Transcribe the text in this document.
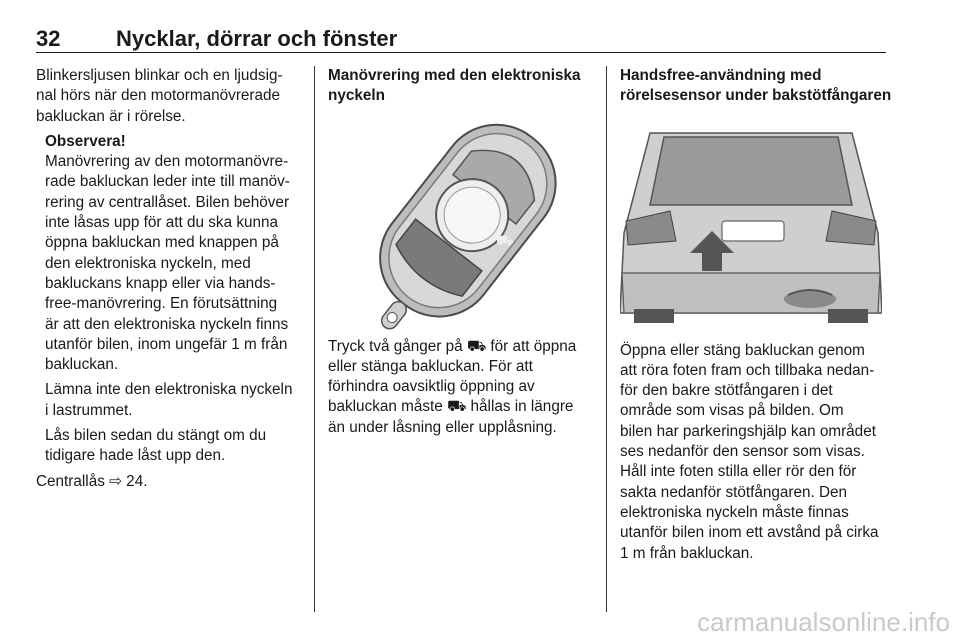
32	Nycklar, dörrar och fönster

Blinkersljusen blinkar och en ljudsig-
nal hörs när den motormanövrerade
bakluckan är i rörelse.

Observera!

Manövrering av den motormanövre-
rade bakluckan leder inte till manöv-
rering av centrallåset. Bilen behöver
inte låsas upp för att du ska kunna
öppna bakluckan med knappen på
den elektroniska nyckeln, med
bakluckans knapp eller via hands-
free-manövrering. En förutsättning
är att den elektroniska nyckeln finns
utanför bilen, inom ungefär 1 m från
bakluckan.

Lämna inte den elektroniska nyckeln
i lastrummet.

Lås bilen sedan du stängt om du
tidigare hade låst upp den.

Centrallås ⇨ 24.

Manövrering med den elektroniska
nyckeln

⛟

Tryck två gånger på ⛟ för att öppna
eller stänga bakluckan. För att
förhindra oavsiktlig öppning av
bakluckan måste ⛟ hållas in längre
än under låsning eller upplåsning.

Handsfree-användning med
rörelsesensor under bakstötfångaren

Öppna eller stäng bakluckan genom
att röra foten fram och tillbaka nedan-
för den bakre stötfångaren i det
område som visas på bilden. Om
bilen har parkeringshjälp kan området
ses nedanför den sensor som visas.
Håll inte foten stilla eller rör den för
sakta nedanför stötfångaren. Den
elektroniska nyckeln måste finnas
utanför bilen inom ett avstånd på cirka
1 m från bakluckan.

carmanualsonline.info
